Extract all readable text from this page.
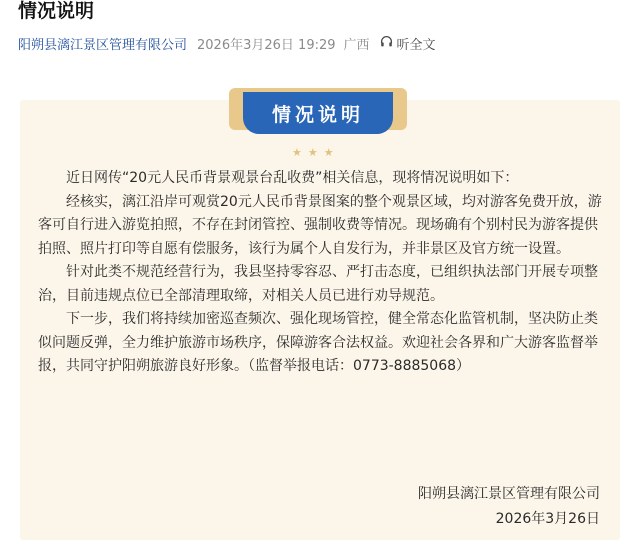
情况说明
阳朔县漓江景区管理有限公司 2026年3月26日 19:29 广西 听全文
情况说明
★★★

近日网传“20元人民币背景观景台乱收费”相关信息，现将情况说明如下：

经核实，漓江沿岸可观赏20元人民币背景图案的整个观景区域，均对游客免费开放，游客可自行进入游览拍照，不存在封闭管控、强制收费等情况。现场确有个别村民为游客提供拍照、照片打印等自愿有偿服务，该行为属个人自发行为，并非景区及官方统一设置。

针对此类不规范经营行为，我县坚持零容忍、严打击态度，已组织执法部门开展专项整治，目前违规点位已全部清理取缔，对相关人员已进行劝导规范。

下一步，我们将持续加密巡查频次、强化现场管控，健全常态化监管机制，坚决防止类似问题反弹，全力维护旅游市场秩序，保障游客合法权益。欢迎社会各界和广大游客监督举报，共同守护阳朔旅游良好形象。（监督举报电话：0773-8885068）

阳朔县漓江景区管理有限公司
2026年3月26日
